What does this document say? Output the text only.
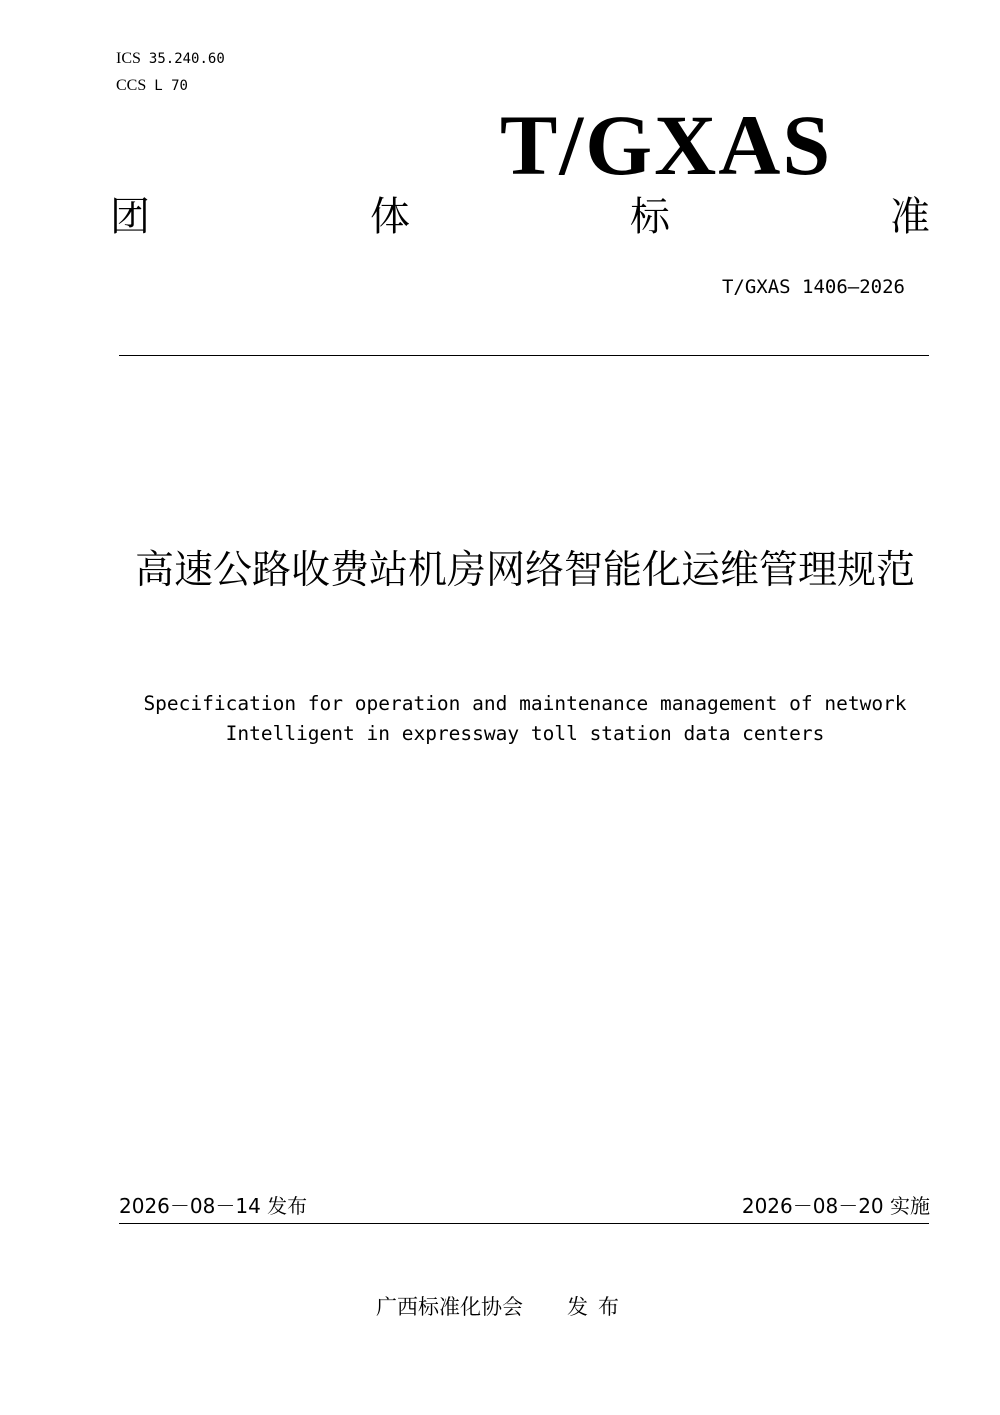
ICS 35.240.60
CCS L 70
T/GXAS
团	体	标	准
T/GXAS 1406—2026
高速公路收费站机房网络智能化运维管理规范
Specification for operation and maintenance management of network
Intelligent in expressway toll station data centers
2026－08－14 发布	2026－08－20 实施
广西标准化协会 发布
